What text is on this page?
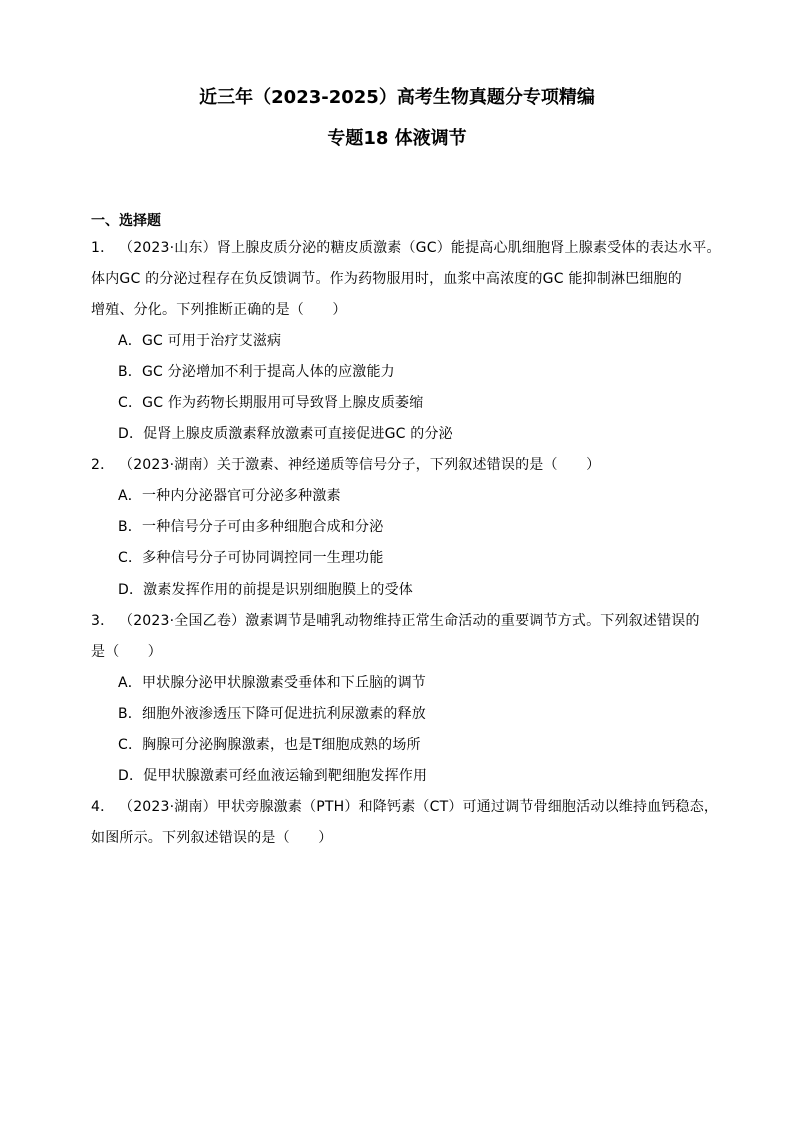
近三年（2023-2025）高考生物真题分专项精编
专题18 体液调节
一、选择题
1． （2023·山东）肾上腺皮质分泌的糖皮质激素（GC）能提高心肌细胞肾上腺素受体的表达水平。
体内GC 的分泌过程存在负反馈调节。作为药物服用时，血浆中高浓度的GC 能抑制淋巴细胞的
增殖、分化。下列推断正确的是（　　）
A．GC 可用于治疗艾滋病
B．GC 分泌增加不利于提高人体的应激能力
C．GC 作为药物长期服用可导致肾上腺皮质萎缩
D．促肾上腺皮质激素释放激素可直接促进GC 的分泌
2． （2023·湖南）关于激素、神经递质等信号分子，下列叙述错误的是（　　）
A．一种内分泌器官可分泌多种激素
B．一种信号分子可由多种细胞合成和分泌
C．多种信号分子可协同调控同一生理功能
D．激素发挥作用的前提是识别细胞膜上的受体
3． （2023·全国乙卷）激素调节是哺乳动物维持正常生命活动的重要调节方式。下列叙述错误的
是（　　）
A．甲状腺分泌甲状腺激素受垂体和下丘脑的调节
B．细胞外液渗透压下降可促进抗利尿激素的释放
C．胸腺可分泌胸腺激素，也是T细胞成熟的场所
D．促甲状腺激素可经血液运输到靶细胞发挥作用
4． （2023·湖南）甲状旁腺激素（PTH）和降钙素（CT）可通过调节骨细胞活动以维持血钙稳态，
如图所示。下列叙述错误的是（　　）
